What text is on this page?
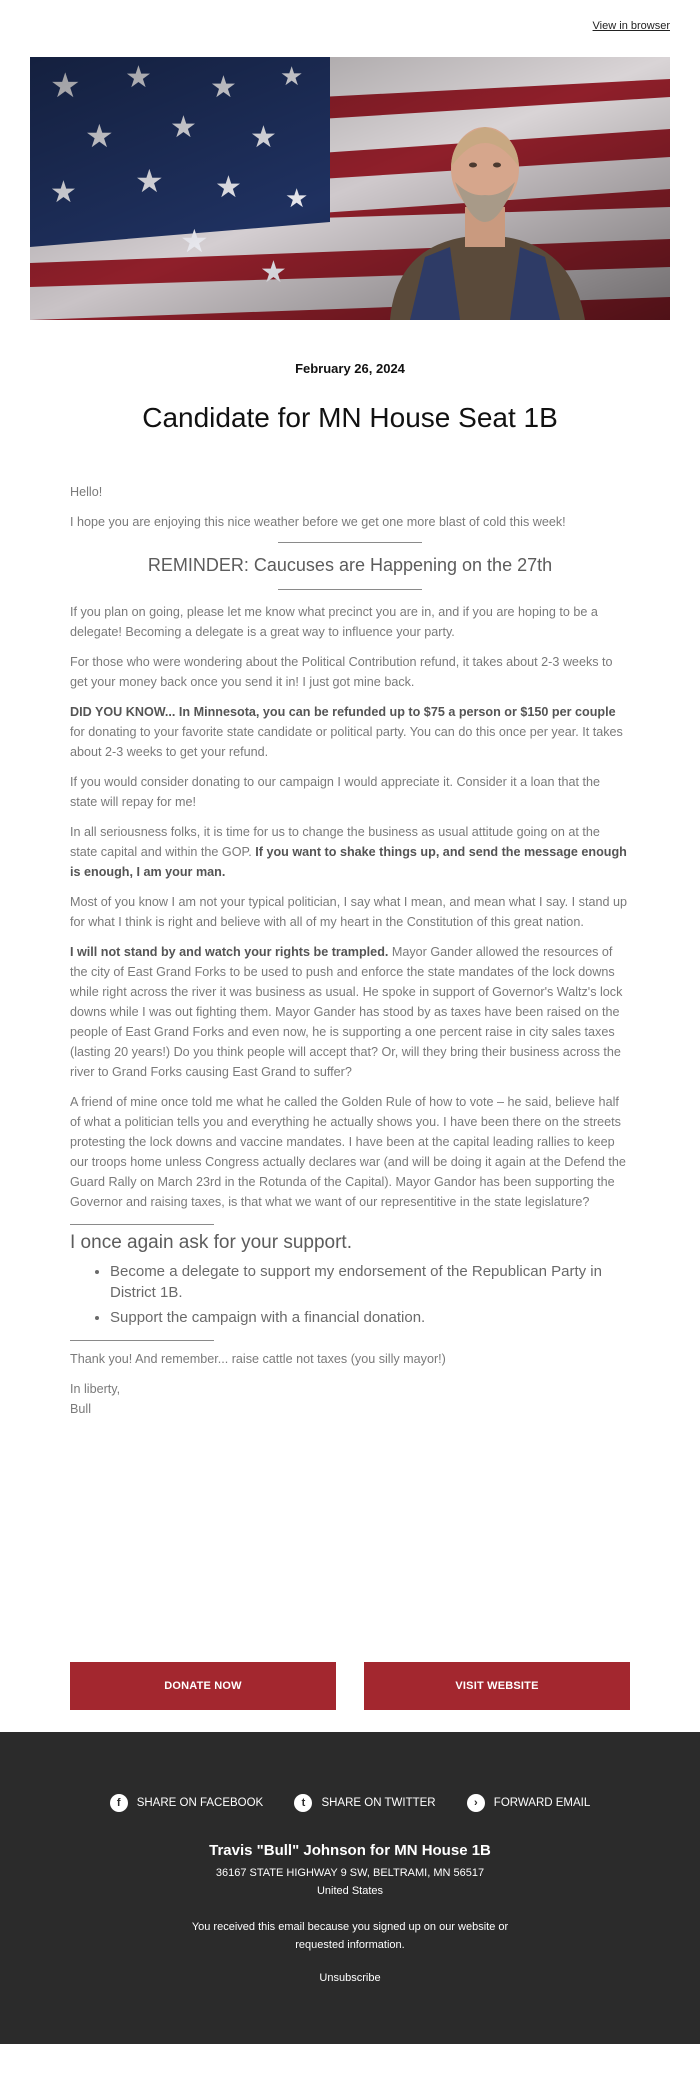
View in browser
February 26, 2024
Candidate for MN House Seat 1B

Hello!

I hope you are enjoying this nice weather before we get one more blast of cold this week!

REMINDER: Caucuses are Happening on the 27th

If you plan on going, please let me know what precinct you are in, and if you are hoping to be a delegate! Becoming a delegate is a great way to influence your party.

For those who were wondering about the Political Contribution refund, it takes about 2-3 weeks to get your money back once you send it in! I just got mine back.

DID YOU KNOW... In Minnesota, you can be refunded up to $75 a person or $150 per couple for donating to your favorite state candidate or political party. You can do this once per year. It takes about 2-3 weeks to get your refund.

If you would consider donating to our campaign I would appreciate it. Consider it a loan that the state will repay for me!

In all seriousness folks, it is time for us to change the business as usual attitude going on at the state capital and within the GOP. If you want to shake things up, and send the message enough is enough, I am your man.

Most of you know I am not your typical politician, I say what I mean, and mean what I say. I stand up for what I think is right and believe with all of my heart in the Constitution of this great nation.

I will not stand by and watch your rights be trampled. Mayor Gander allowed the resources of the city of East Grand Forks to be used to push and enforce the state mandates of the lock downs while right across the river it was business as usual. He spoke in support of Governor's Waltz's lock downs while I was out fighting them. Mayor Gander has stood by as taxes have been raised on the people of East Grand Forks and even now, he is supporting a one percent raise in city sales taxes (lasting 20 years!) Do you think people will accept that? Or, will they bring their business across the river to Grand Forks causing East Grand to suffer?

A friend of mine once told me what he called the Golden Rule of how to vote – he said, believe half of what a politician tells you and everything he actually shows you. I have been there on the streets protesting the lock downs and vaccine mandates. I have been at the capital leading rallies to keep our troops home unless Congress actually declares war (and will be doing it again at the Defend the Guard Rally on March 23rd in the Rotunda of the Capital). Mayor Gandor has been supporting the Governor and raising taxes, is that what we want of our representitive in the state legislature?

I once again ask for your support.
• Become a delegate to support my endorsement of the Republican Party in District 1B.
• Support the campaign with a financial donation.

Thank you! And remember... raise cattle not taxes (you silly mayor!)

In liberty,

Bull

DONATE NOW	VISIT WEBSITE
f	SHARE ON FACEBOOK
	t	SHARE ON TWITTER
	›	FORWARD EMAIL
Travis "Bull" Johnson for MN House 1B
36167 STATE HIGHWAY 9 SW, BELTRAMI, MN 56517
United States
You received this email because you signed up on our website or requested information.
Unsubscribe
